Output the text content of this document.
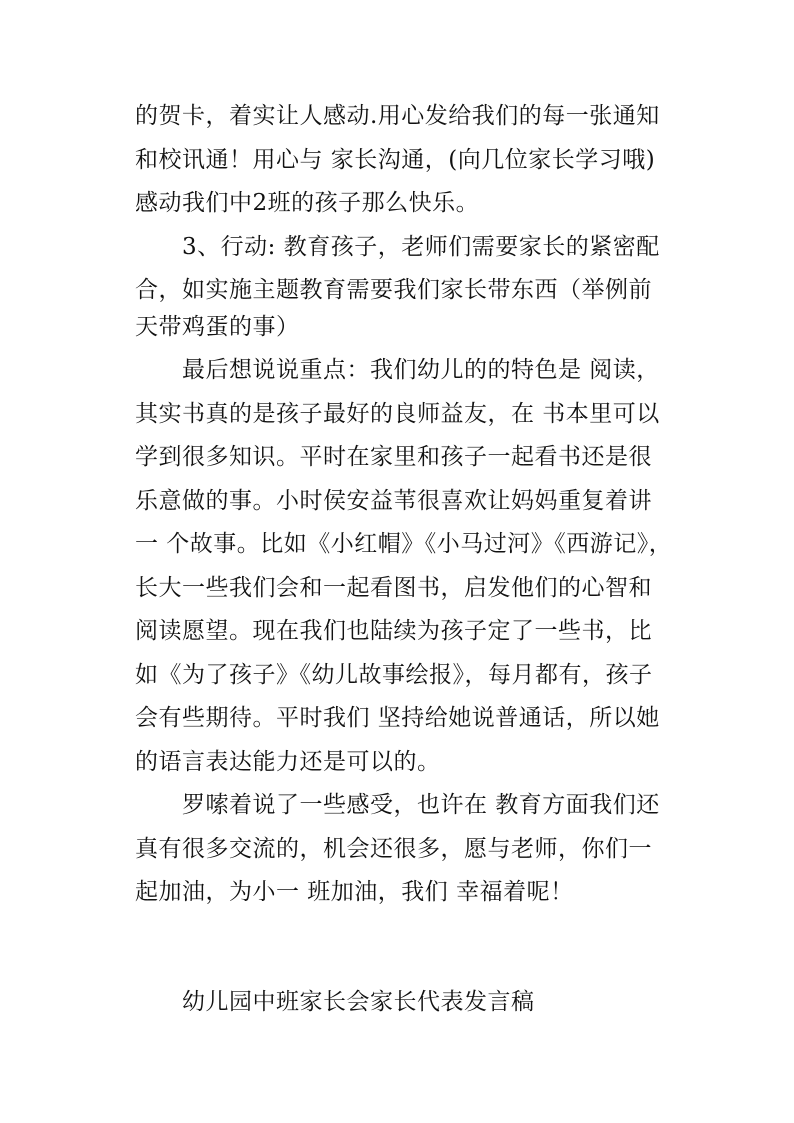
的贺卡，着实让人感动.用心发给我们的每一张通知
和校讯通！用心与 家长沟通，(向几位家长学习哦)
感动我们中2班的孩子那么快乐。
3、行动: 教育孩子，老师们需要家长的紧密配
合，如实施主题教育需要我们家长带东西（举例前
天带鸡蛋的事）
最后想说说重点：我们幼儿的的特色是 阅读，
其实书真的是孩子最好的良师益友，在 书本里可以
学到很多知识。平时在家里和孩子一起看书还是很
乐意做的事。小时侯安益苇很喜欢让妈妈重复着讲
一 个故事。比如《小红帽》《小马过河》《西游记》，
长大一些我们会和一起看图书，启发他们的心智和
阅读愿望。现在我们也陆续为孩子定了一些书，比
如《为了孩子》《幼儿故事绘报》，每月都有，孩子
会有些期待。平时我们 坚持给她说普通话，所以她
的语言表达能力还是可以的。
罗嗦着说了一些感受，也许在 教育方面我们还
真有很多交流的，机会还很多，愿与老师，你们一
起加油，为小一 班加油，我们 幸福着呢！
幼儿园中班家长会家长代表发言稿
